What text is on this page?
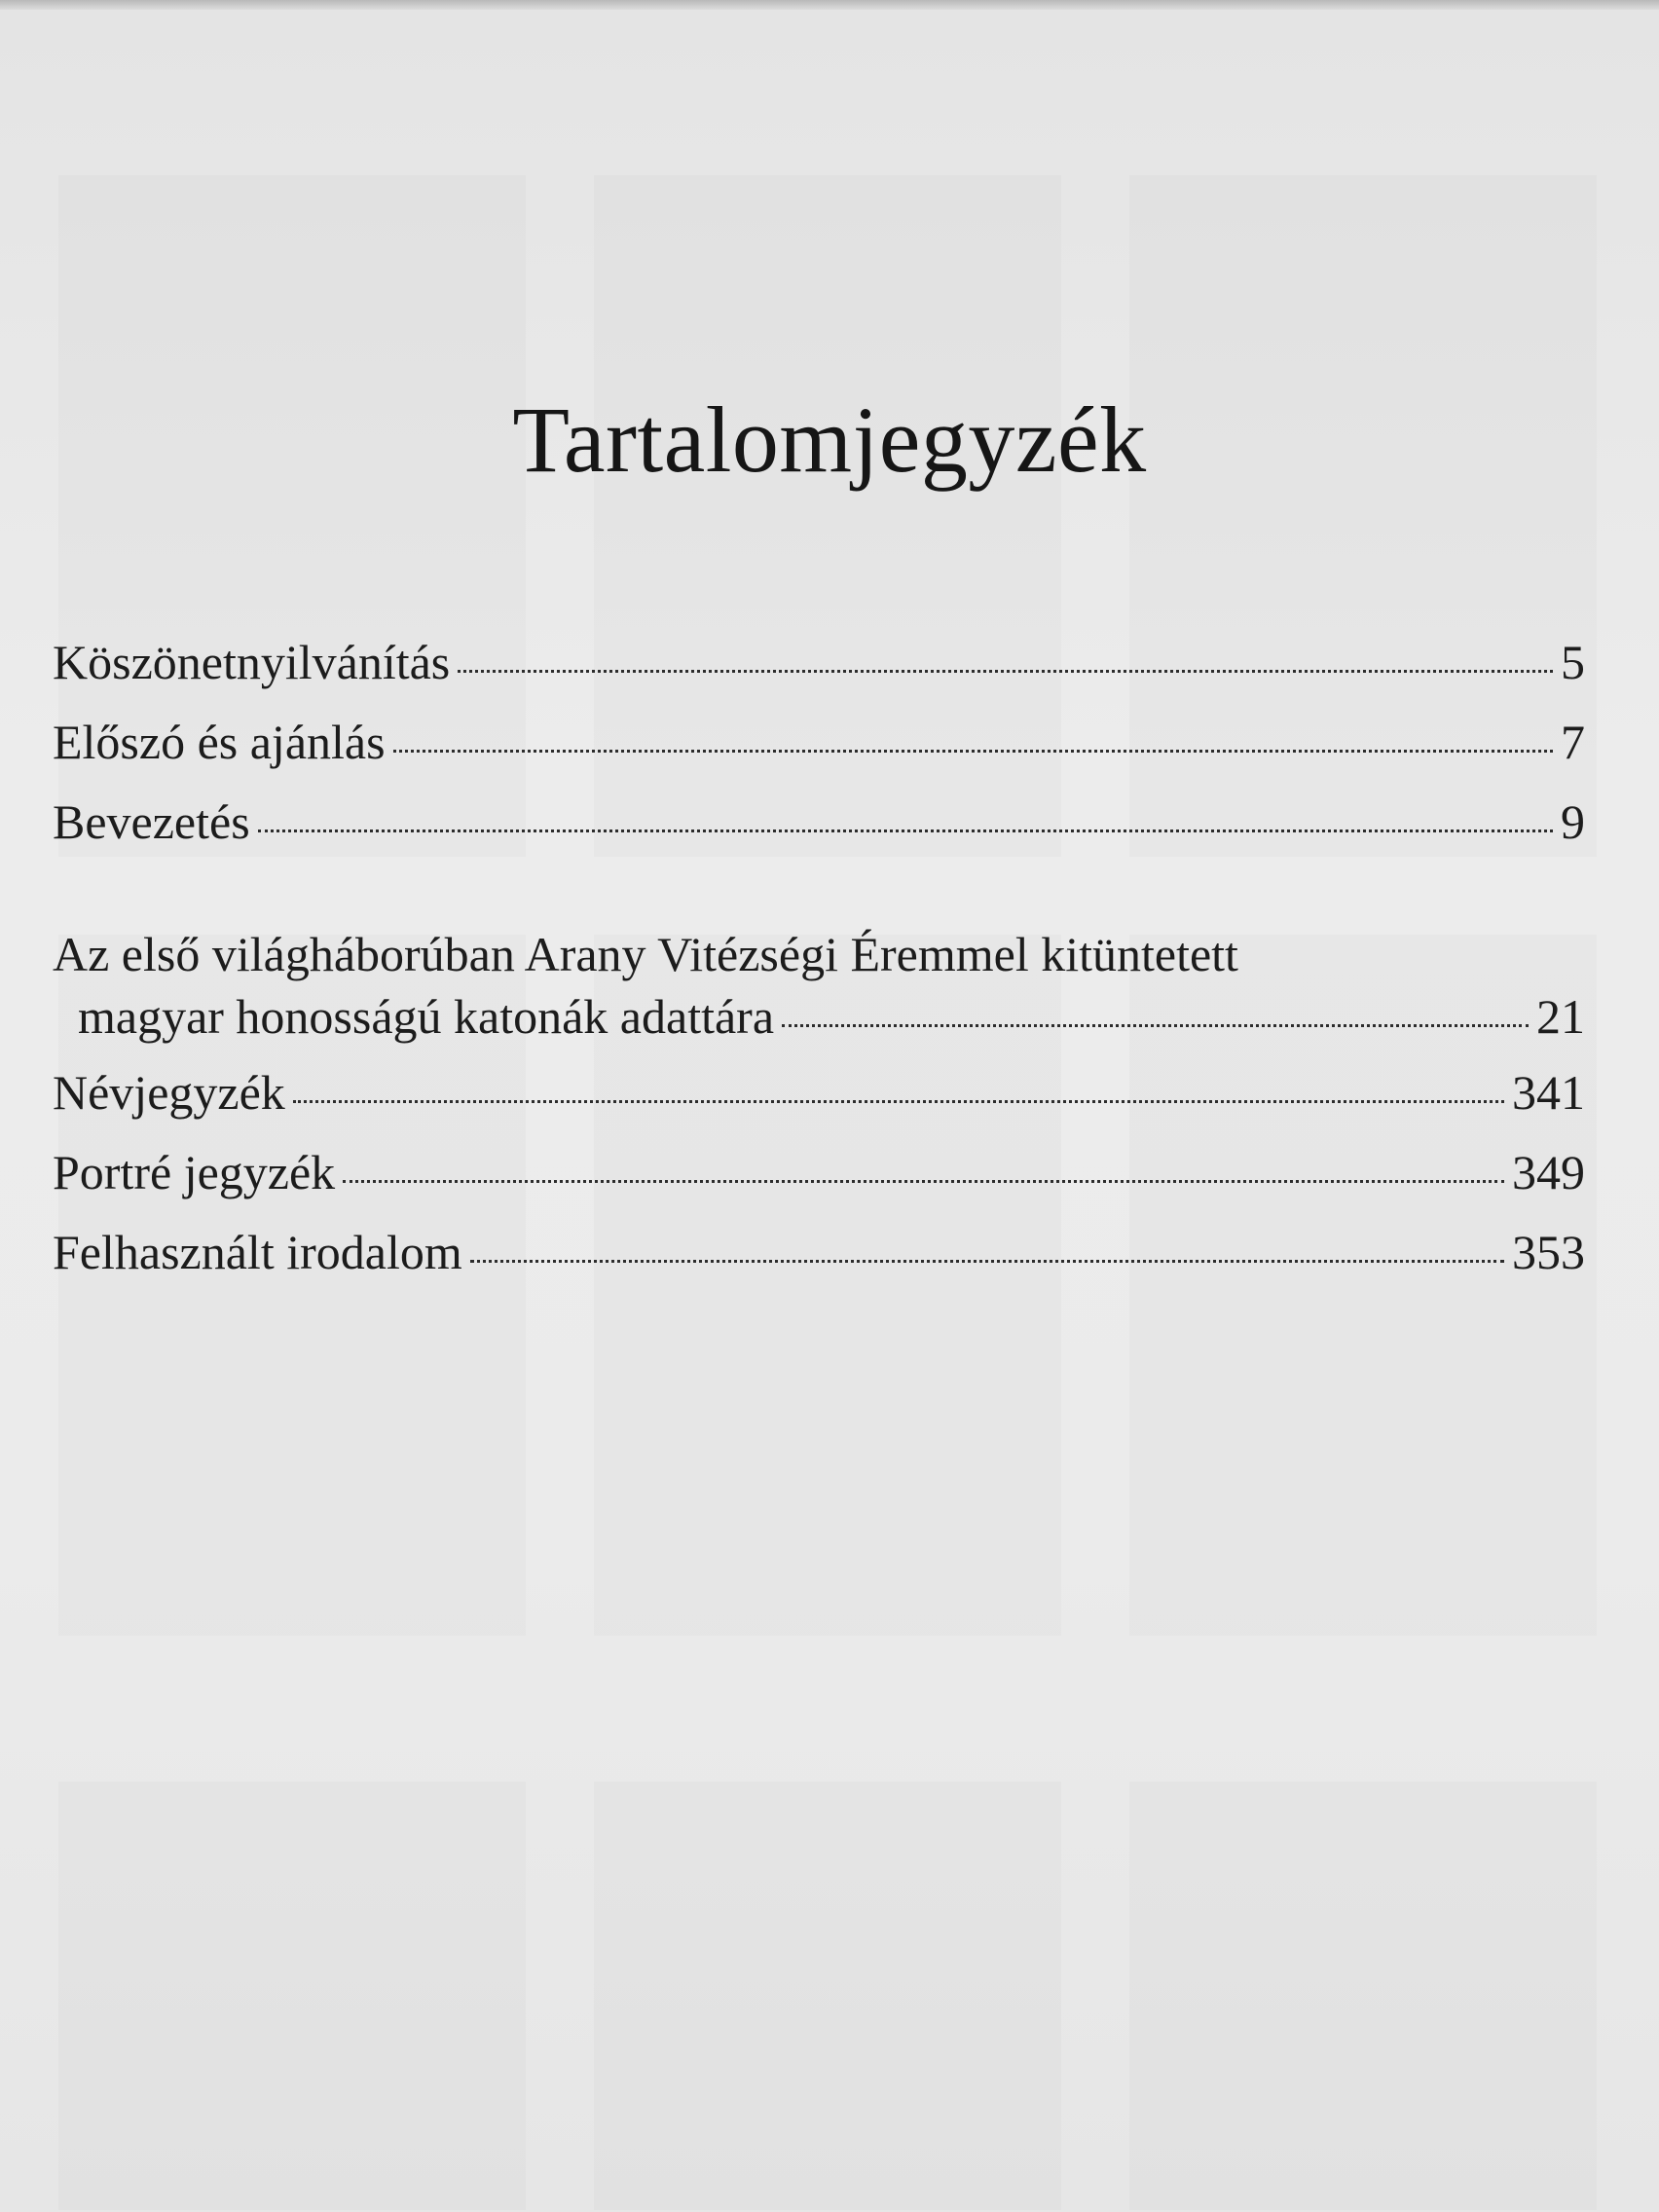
Tartalomjegyzék
Köszönetnyilvánítás	5
Előszó és ajánlás	7
Bevezetés	9
Az első világháborúban Arany Vitézségi Éremmel kitüntetett
magyar honosságú katonák adattára	21
Névjegyzék	341
Portré jegyzék	349
Felhasznált irodalom	353
